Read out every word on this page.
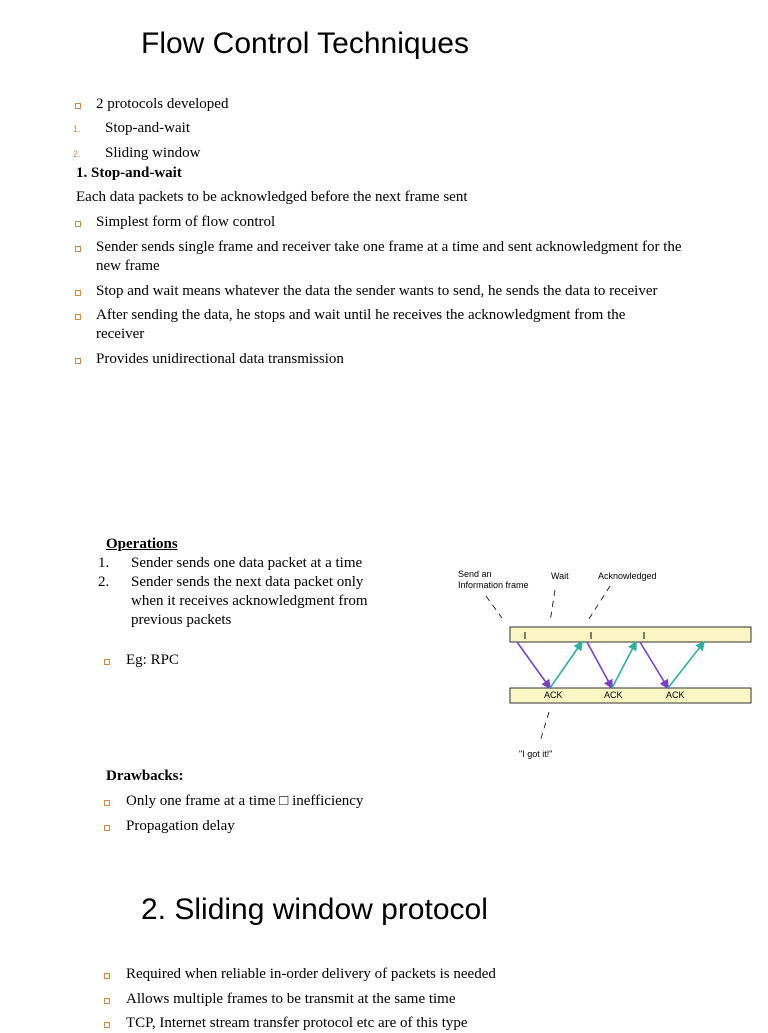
Flow Control Techniques
2 protocols developed
1. Stop-and-wait
2. Sliding window
1. Stop-and-wait
Each data packets to be acknowledged before the next frame sent
Simplest form of flow control
Sender sends single frame and receiver take one frame at a time and sent acknowledgment for the new frame
Stop and wait means whatever the data the sender wants to send, he sends the data to receiver
After sending the data, he stops and wait until he receives the acknowledgment from the receiver
Provides unidirectional data transmission
Operations
1. Sender sends one data packet at a time
2. Sender sends the next data packet only when it receives acknowledgment from previous packets
Eg: RPC
Send an Information frame
Wait	Acknowledged
ACK	ACK	ACK
"I got it!"
Drawbacks:
Only one frame at a time □ inefficiency
Propagation delay
2. Sliding window protocol
Required when reliable in-order delivery of packets is needed
Allows multiple frames to be transmit at the same time
TCP, Internet stream transfer protocol etc are of this type
